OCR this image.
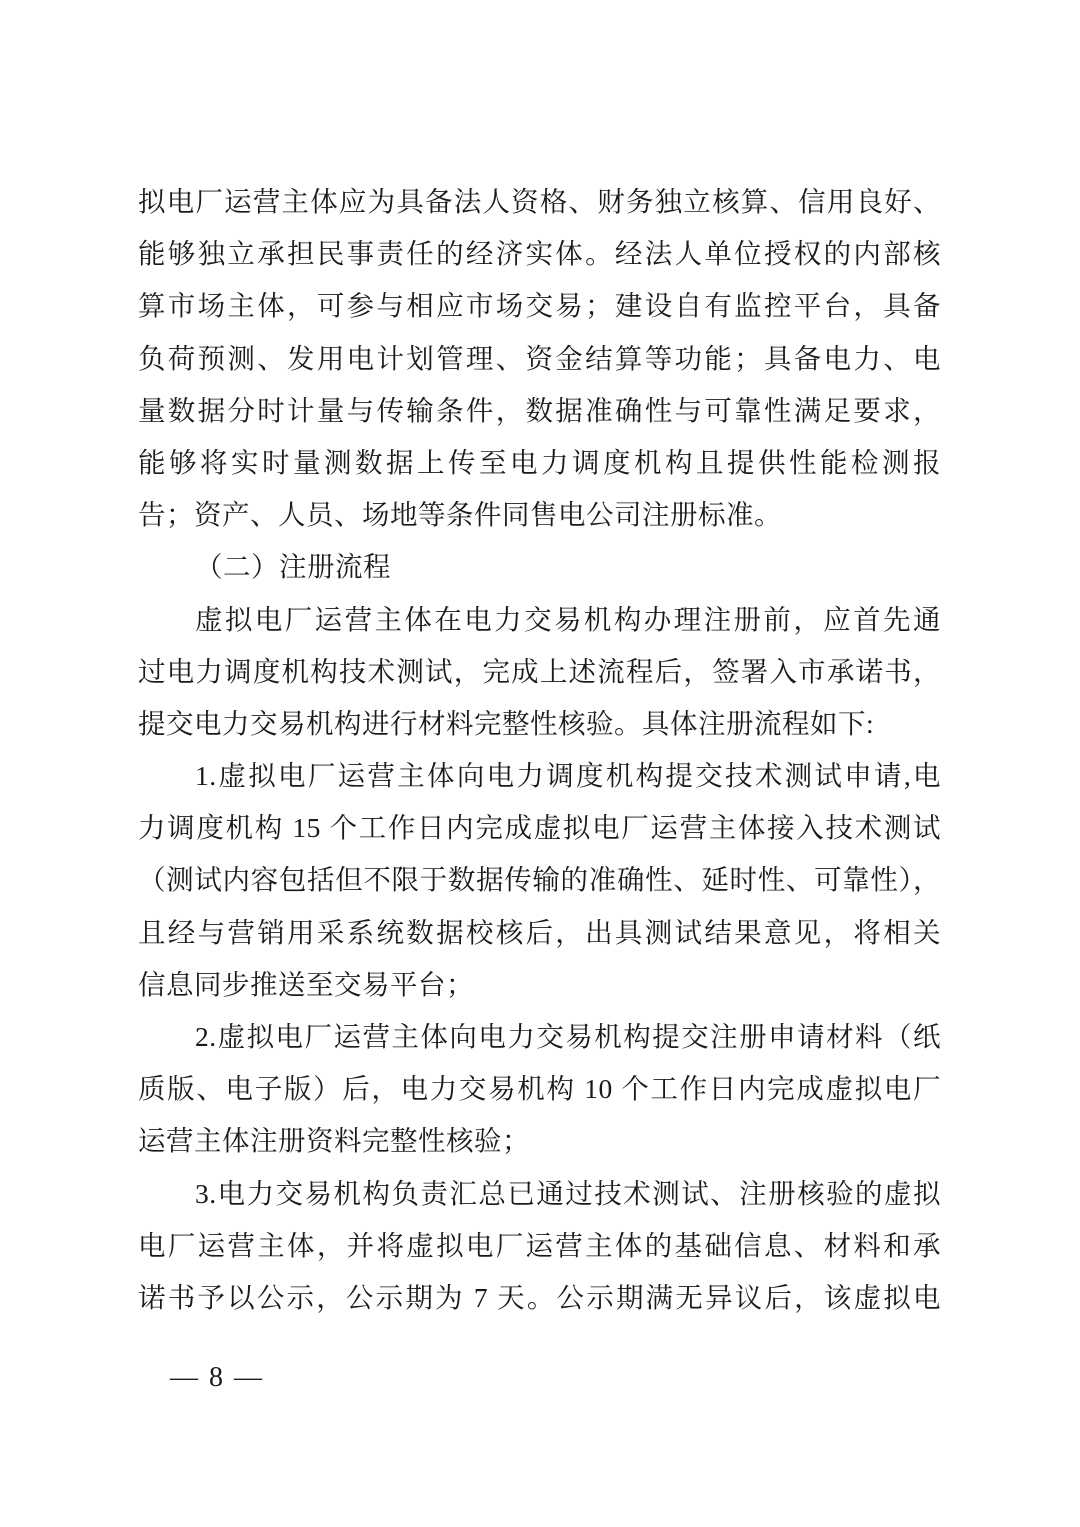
拟电厂运营主体应为具备法人资格、财务独立核算、信用良好、
能够独立承担民事责任的经济实体。经法人单位授权的内部核
算市场主体，可参与相应市场交易；建设自有监控平台，具备
负荷预测、发用电计划管理、资金结算等功能；具备电力、电
量数据分时计量与传输条件，数据准确性与可靠性满足要求，
能够将实时量测数据上传至电力调度机构且提供性能检测报
告；资产、人员、场地等条件同售电公司注册标准。
（二）注册流程
虚拟电厂运营主体在电力交易机构办理注册前，应首先通
过电力调度机构技术测试，完成上述流程后，签署入市承诺书，
提交电力交易机构进行材料完整性核验。具体注册流程如下:
1.虚拟电厂运营主体向电力调度机构提交技术测试申请,电
力调度机构 15 个工作日内完成虚拟电厂运营主体接入技术测试
（测试内容包括但不限于数据传输的准确性、延时性、可靠性），
且经与营销用采系统数据校核后，出具测试结果意见，将相关
信息同步推送至交易平台；
2.虚拟电厂运营主体向电力交易机构提交注册申请材料（纸
质版、电子版）后，电力交易机构 10 个工作日内完成虚拟电厂
运营主体注册资料完整性核验；
3.电力交易机构负责汇总已通过技术测试、注册核验的虚拟
电厂运营主体，并将虚拟电厂运营主体的基础信息、材料和承
诺书予以公示，公示期为 7 天。公示期满无异议后，该虚拟电
— 8 —
